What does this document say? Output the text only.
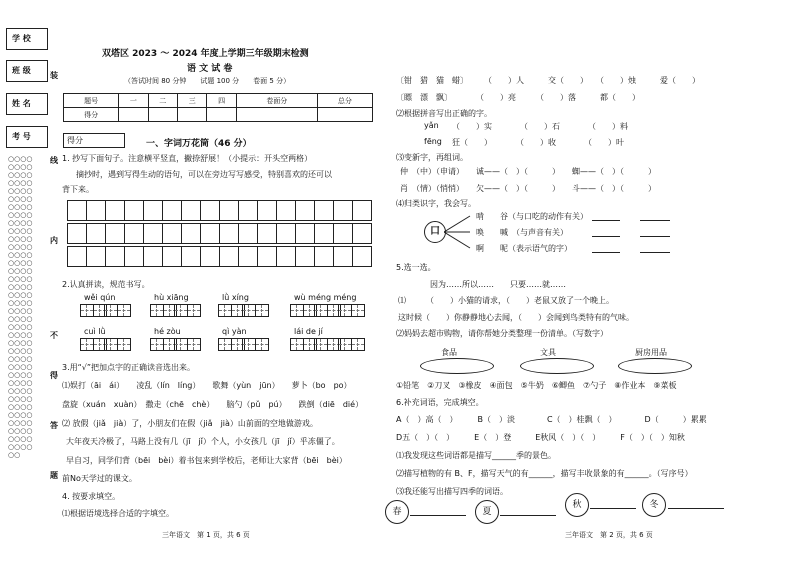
学 校
班 级
姓 名
考 号
○○○○○○○○○○○○○○○○○○○○○○○○○○○○○○○○○○○○○○○○○○○○○○○○○○○○○○○○○○○○○○○○○○○○○○○○○○○○○○○○○○○○○○○○○○○○○○○○○○○○○○○○○○○○○○○○○○○○○○○○○○○○○○○○○○○○○○○○○○○○○○○○○○○○○○
装
线
内
不
得
答
题
双塔区 2023 ～ 2024 年度上学期三年级期末检测
语 文 试 卷
（答试时间 80 分钟　　试题 100 分　　卷面 5 分）
题号	一	二	三	四	卷面分	总分
得分						
得分	一、字词万花筒（46 分）
1. 抄写下面句子。注意横平竖直，撇捺舒展！（小提示：开头空两格）
摘抄时，遇到写得生动的语句，可以在旁边写写感受，特别喜欢的还可以
背下来。
2.认真拼读，规范书写。
wěi qún	hù xiāng	lǜ xíng	wù méng méng
cuì lǜ	hé zòu	qì yàn	lái de jí
3.用“√”把加点字的正确读音选出来。
⑴娱打（āi　ái）　　凌乱（lín　líng）　　歌舞（yùn　jūn）　　萝卜（bo　po）
盘旋（xuán　xuàn）　撒走（chē　chè）　　脑勺（pǔ　pú）　　跌倒（diē　dié）
⑵ 放假（jiǎ　jià）了，小朋友们在假（jiǎ　jià）山前面的空地做游戏。
大年夜天冷极了，马路上没有几（jī　jǐ）个人，小女孩几（jī　jǐ）乎冻僵了。
早自习，同学们背（bēi　bèi）着书包来到学校后，老师让大家背（bēi　bèi）
前No天学过的课文。
4. 按要求填空。
⑴根据语境选择合适的字填空。
三年语文　第 1 页，共 6 页
〔钳　猎　猫　蜡〕　　　（　　）人　　　交（　　）　　（　　）烛　　　爱（　　）
〔瞟　漂　飘〕　　　　（　　）亮　　　（　　）落　　　都（　　）
⑵根据拼音写出正确的字。
yǎn （　　）实　　　　（　　）石　　　　（　　）料
fēng 狂（　　）　　　　（　　）收　　　　（　　）叶
⑶变新字，再组词。
仲　（中）（申请）　　诚——（　）（　　　）　　蜘——（　）（　　　）
肖　（情）（悄悄）　　欠——（　）（　　　）　　斗——（　）（　　　）
⑷归类识字，我会写。
口
啃　　谷（与口吃的动作有关）
唤　　喊　（与声音有关）
啊　　呢（表示语气的字）
5.选一选。
因为……所以……　　只要……就……
⑴	（　　）小猫的请求，（　　）老鼠又放了一个晚上。
这时候（　　）你静静地心去闻，（　　）会闻到鸟类特有的气味。
⑵妈妈去超市购物，请你帮她分类整理一份清单。（写数字）
食品	文具	厨房用品
①铅笔　②刀叉　③橡皮　④面包　⑤牛奶　⑥鲫鱼　⑦勺子　⑧作业本　⑨菜板
6.补充词语，完成填空。
A（　）高（　）　　　B（　）淡　　　　C（　）桂飘（　）　　　　D（　　　）累累
D五（　）（　）　　　E（　）登　　　E秋风（　）（　）　　　F（　）（　）知秋
⑴我发现这些词语都是描写______季的景色。
⑵描写植物的有 B、F，描写天气的有______，描写丰收景象的有______。（写序号）
⑶我还能写出描写四季的词语。
春	夏
秋	冬
三年语文　第 2 页，共 6 页
